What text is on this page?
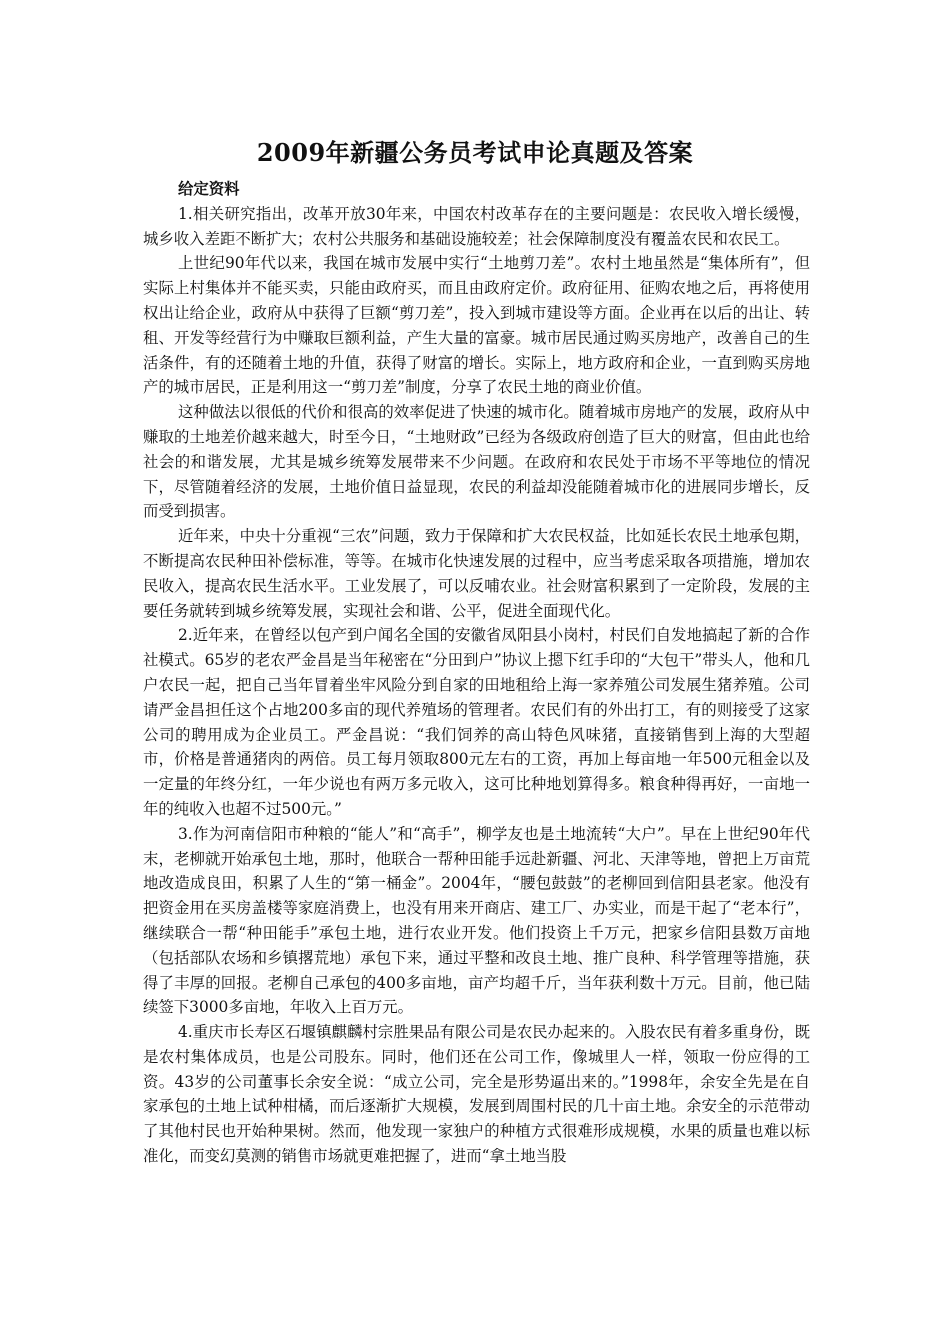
2009年新疆公务员考试申论真题及答案

给定资料

1.相关研究指出，改革开放30年来，中国农村改革存在的主要问题是：农民收入增长缓慢，城乡收入差距不断扩大；农村公共服务和基础设施较差；社会保障制度没有覆盖农民和农民工。

上世纪90年代以来，我国在城市发展中实行“土地剪刀差”。农村土地虽然是“集体所有”，但实际上村集体并不能买卖，只能由政府买，而且由政府定价。政府征用、征购农地之后，再将使用权出让给企业，政府从中获得了巨额“剪刀差”，投入到城市建设等方面。企业再在以后的出让、转租、开发等经营行为中赚取巨额利益，产生大量的富豪。城市居民通过购买房地产，改善自己的生活条件，有的还随着土地的升值，获得了财富的增长。实际上，地方政府和企业，一直到购买房地产的城市居民，正是利用这一“剪刀差”制度，分享了农民土地的商业价值。

这种做法以很低的代价和很高的效率促进了快速的城市化。随着城市房地产的发展，政府从中赚取的土地差价越来越大，时至今日，“土地财政”已经为各级政府创造了巨大的财富，但由此也给社会的和谐发展，尤其是城乡统筹发展带来不少问题。在政府和农民处于市场不平等地位的情况下，尽管随着经济的发展，土地价值日益显现，农民的利益却没能随着城市化的进展同步增长，反而受到损害。

近年来，中央十分重视“三农”问题，致力于保障和扩大农民权益，比如延长农民土地承包期，不断提高农民种田补偿标准，等等。在城市化快速发展的过程中，应当考虑采取各项措施，增加农民收入，提高农民生活水平。工业发展了，可以反哺农业。社会财富积累到了一定阶段，发展的主要任务就转到城乡统筹发展，实现社会和谐、公平，促进全面现代化。

2.近年来，在曾经以包产到户闻名全国的安徽省凤阳县小岗村，村民们自发地搞起了新的合作社模式。65岁的老农严金昌是当年秘密在“分田到户”协议上摁下红手印的“大包干”带头人，他和几户农民一起，把自己当年冒着坐牢风险分到自家的田地租给上海一家养殖公司发展生猪养殖。公司请严金昌担任这个占地200多亩的现代养殖场的管理者。农民们有的外出打工，有的则接受了这家公司的聘用成为企业员工。严金昌说：“我们饲养的高山特色风味猪，直接销售到上海的大型超市，价格是普通猪肉的两倍。员工每月领取800元左右的工资，再加上每亩地一年500元租金以及一定量的年终分红，一年少说也有两万多元收入，这可比种地划算得多。粮食种得再好，一亩地一年的纯收入也超不过500元。”

3.作为河南信阳市种粮的“能人”和“高手”，柳学友也是土地流转“大户”。早在上世纪90年代末，老柳就开始承包土地，那时，他联合一帮种田能手远赴新疆、河北、天津等地，曾把上万亩荒地改造成良田，积累了人生的“第一桶金”。2004年，“腰包鼓鼓”的老柳回到信阳县老家。他没有把资金用在买房盖楼等家庭消费上，也没有用来开商店、建工厂、办实业，而是干起了“老本行”，继续联合一帮“种田能手”承包土地，进行农业开发。他们投资上千万元，把家乡信阳县数万亩地（包括部队农场和乡镇撂荒地）承包下来，通过平整和改良土地、推广良种、科学管理等措施，获得了丰厚的回报。老柳自己承包的400多亩地，亩产均超千斤，当年获利数十万元。目前，他已陆续签下3000多亩地，年收入上百万元。

4.重庆市长寿区石堰镇麒麟村宗胜果品有限公司是农民办起来的。入股农民有着多重身份，既是农村集体成员，也是公司股东。同时，他们还在公司工作，像城里人一样，领取一份应得的工资。43岁的公司董事长余安全说：“成立公司，完全是形势逼出来的。”1998年，余安全先是在自家承包的土地上试种柑橘，而后逐渐扩大规模，发展到周围村民的几十亩土地。余安全的示范带动了其他村民也开始种果树。然而，他发现一家独户的种植方式很难形成规模，水果的质量也难以标准化，而变幻莫测的销售市场就更难把握了，进而“拿土地当股
